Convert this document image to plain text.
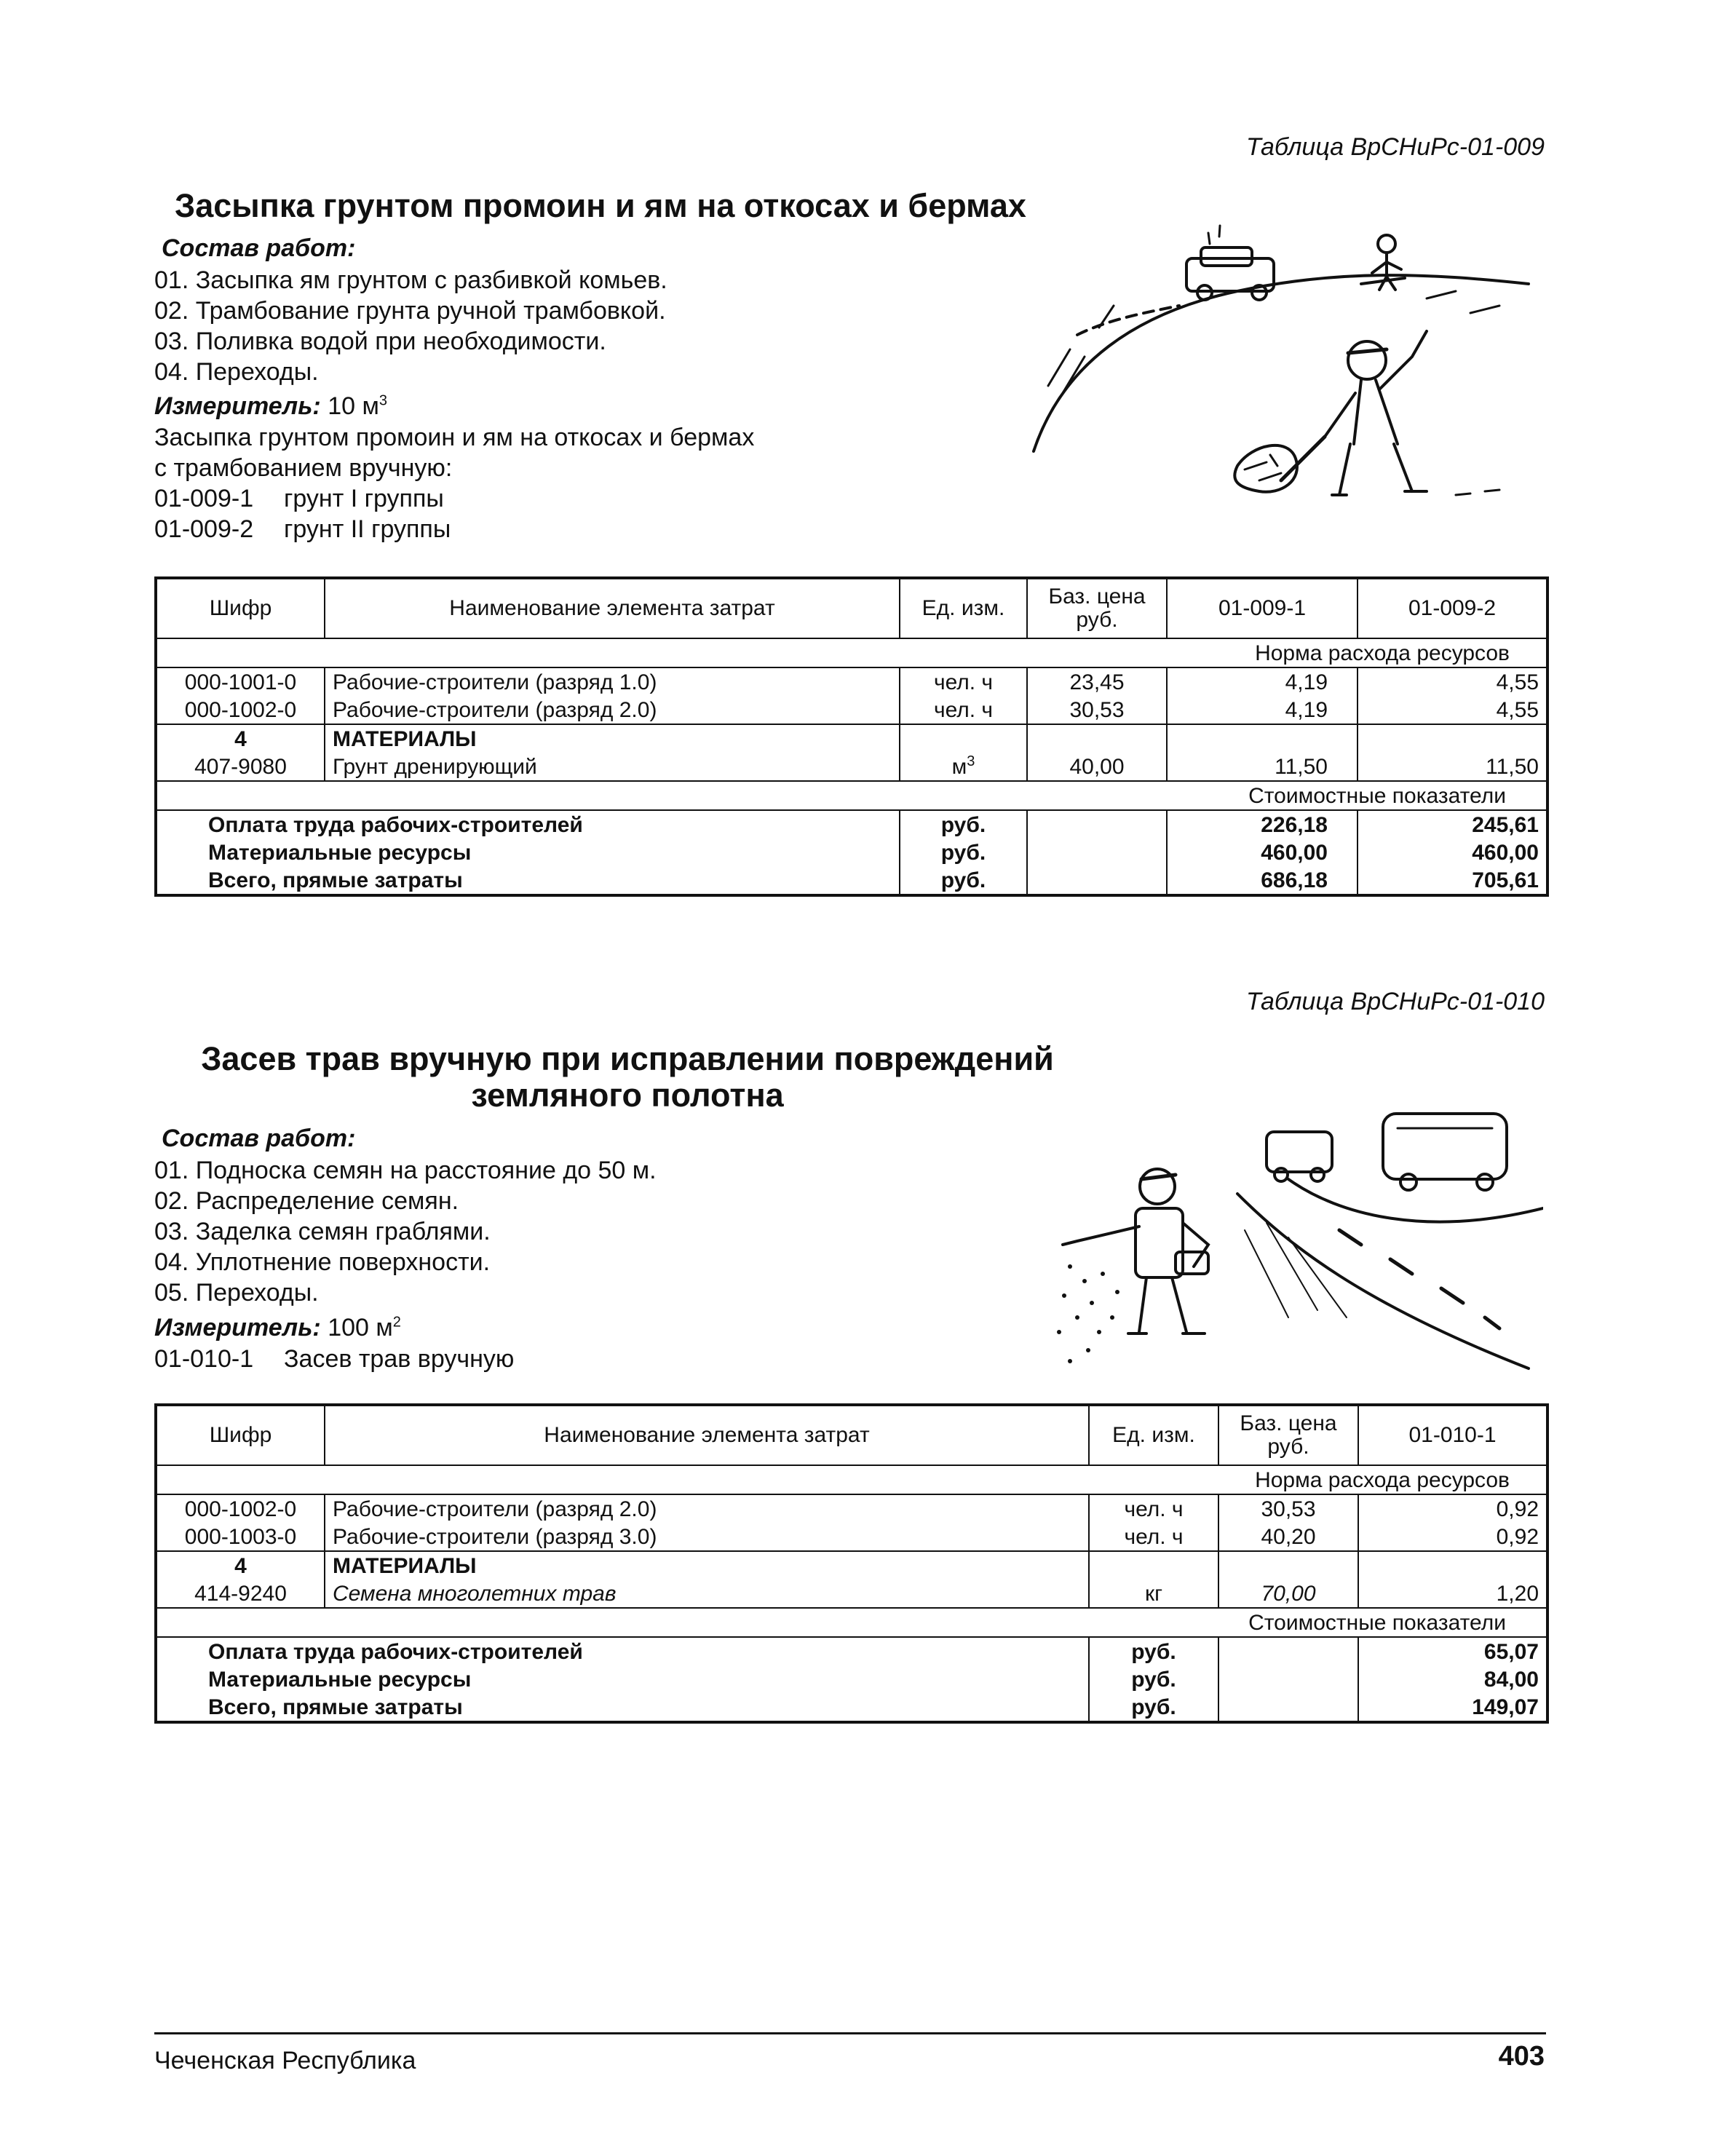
Таблица ВрСНиРс-01-009
Засыпка грунтом промоин и ям на откосах и бермах
Состав работ:
01. Засыпка ям грунтом с разбивкой комьев.
02. Трамбование грунта ручной трамбовкой.
03. Поливка водой при необходимости.
04. Переходы.
Измеритель: 10 $м^3$
Засыпка грунтом промоин и ям на откосах и бермах
с трамбованием вручную:
01-009-1 грунт I группы
01-009-2 грунт II группы
Шифр	Наименование элемента затрат	Ед. изм.	Баз. цена руб.	01-009-1	01-009-2
Норма расхода ресурсов					
000-1001-0	Рабочие-строители (разряд 1.0)	чел. ч	23,45	4,19	4,55
000-1002-0	Рабочие-строители (разряд 2.0)	чел. ч	30,53	4,19	4,55
4	МАТЕРИАЛЫ				
407-9080	Грунт дренирующий	$м^3$	40,00	11,50	11,50
Стоимостные показатели					
Оплата труда рабочих-строителей		руб.		226,18	245,61
Материальные ресурсы		руб.		460,00	460,00
Всего, прямые затраты		руб.		686,18	705,61
Таблица ВрСНиРс-01-010
Засев трав вручную при исправлении повреждений
земляного полотна
Состав работ:
01. Подноска семян на расстояние до 50 м.
02. Распределение семян.
03. Заделка семян граблями.
04. Уплотнение поверхности.
05. Переходы.
Измеритель: 100 $м^2$
01-010-1 Засев трав вручную
Шифр	Наименование элемента затрат	Ед. изм.	Баз. цена руб.	01-010-1
Норма расхода ресурсов				
000-1002-0	Рабочие-строители (разряд 2.0)	чел. ч	30,53	0,92
000-1003-0	Рабочие-строители (разряд 3.0)	чел. ч	40,20	0,92
4	МАТЕРИАЛЫ			
414-9240	Семена многолетних трав	кг	70,00	1,20
Стоимостные показатели				
Оплата труда рабочих-строителей		руб.		65,07
Материальные ресурсы		руб.		84,00
Всего, прямые затраты		руб.		149,07
Чеченская Республика	403
